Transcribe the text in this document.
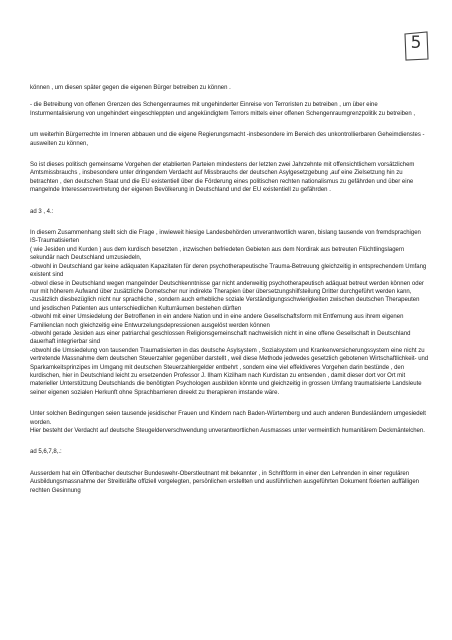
5

können , um diesen später gegen die eigenen Bürger betreiben zu können .

- die Betreibung von offenen Grenzen des Schengenraumes mit ungehinderter Einreise von Terroristen zu betreiben , um über eine Insturmentalisierung von ungehindert eingeschleppten und angekündigtem Terrors mittels einer offenen Schengenraumgrenzpolitik zu betreiben ,

um weiterhin Bürgerrechte im Inneren abbauen und die eigene Regierungsmacht -insbesondere im Bereich des unkontrollierbaren Geheimdienstes -ausweiten zu können,

So ist dieses politisch gemeinsame Vorgehen der etablierten Parteien mindestens der letzten zwei Jahrzehnte mit offensichtlichem vorsätzlichem Amtsmissbrauchs , insbesondere unter dringendem Verdacht auf Missbrauchs der deutschen Asylgesetzgebung ,auf eine Zielsetzung hin zu betrachten , den deutschen Staat und die EU existentiell über die Förderung eines politischen rechten nationalismus zu gefährden und über eine mangelnde Interessensvertretung der eigenen Bevölkerung in Deutschland und der EU existentiell zu gefährden .

ad 3 , 4.:

In diesem Zusammenhang stellt sich die Frage , inwieweit hiesige Landesbehörden unverantwortlich waren, bislang tausende von fremdsprachigen IS-Traumatisierten
( wie Jesiden und Kurden ) aus dem kurdisch besetzten , inzwischen befriedeten Gebieten aus dem Nordirak aus betreuten Flüchtlingslagern sekundär nach Deutschland umzusiedeln,
-obwohl in Deutschland gar keine adäquaten Kapazitaten für deren psychotherapeutische Trauma-Betreuung gleichzeitig in entsprechendem Umfang existent sind
-obwol diese in Deutschland wegen mangelnder Deutschkenntnisse gar nicht anderweitig psychotherapeutisch adäquat betreut werden können oder nur mit höherem Aufwand über zusätzliche Dometscher nur indirekte Therapien über übersetzungshilfsteilung Dritter durchgeführt werden kann,
-zusätzlich diesbezüglich nicht nur sprachliche , sondern auch erhebliche soziale Verständigungsschwierigkeiten zwischen deutschen Therapeuten und jesdischen Patienten aus unterschiedlichen Kulturräumen bestehen dürften
-obwohl mit einer Umsiedelung der Betroffenen in ein andere Nation und in eine andere Gesellschaftsform mit Entfernung aus ihrem eigenen Familienclan noch gleichzeitig eine Entwurzelungsdepressionen ausgelöst werden können
-obwohl gerade Jesiden aus einer patriarchal geschlossen Religionsgemeinschaft nachweislich nicht in eine offene Gesellschaft in Deutschland dauerhaft integrierbar sind
-obwohl die Umsiedelung von tausenden Traumatisierten in das deutsche Asylsystem , Sozialsystem und Krankenversicherungssystem eine nicht zu vertretende Massnahme dem deutschen Steuerzahler gegenüber darstellt , weil diese Methode jedwedes gesetzlich gebotenen Wirtschaftlichkeit- und Sparkamkeitsprinzipes im Umgang mit deutschen Steuerzahlergelder entbehrt , sondern eine viel effektiveres Vorgehen darin bestünde , den kurdischen, hier in Deutschland leicht zu ersetzenden Professor J. Ilham Kizilham nach Kurdistan zu entsenden , damit dieser dort vor Ort mit materieller Unterstützung Deutschlands die benötigten Psychologen ausbilden könnte und gleichzeitig in grossen Umfang traumatisierte Landsleute seiner eigenen sozialen Herkunft ohne Sprachbarrieren direekt zu therapieren imstande wäre.

Unter solchen Bedingungen seien tausende jesidischer Frauen und Kindern nach Baden-Würtemberg und auch anderen Bundesländern umgesiedelt worden.
Hier besteht der Verdacht auf deutsche Steugelderverschwendung unverantwortlichen Ausmasses unter vermeintlich humanitärem Deckmäntelchen.

ad 5,6,7,8,.:

Ausserdem hat ein Offenbacher deutscher Bundeswehr-Oberstleutnant mit bekannter , in Schriftform in einer den Lehrenden in einer regulären Ausbildungsmassnahme der Streitkräfte offiziell vorgelegten, persönlichen erstellten und ausführlichen ausgeführten Dokument fixierten auffälligen rechten Gesinnung
